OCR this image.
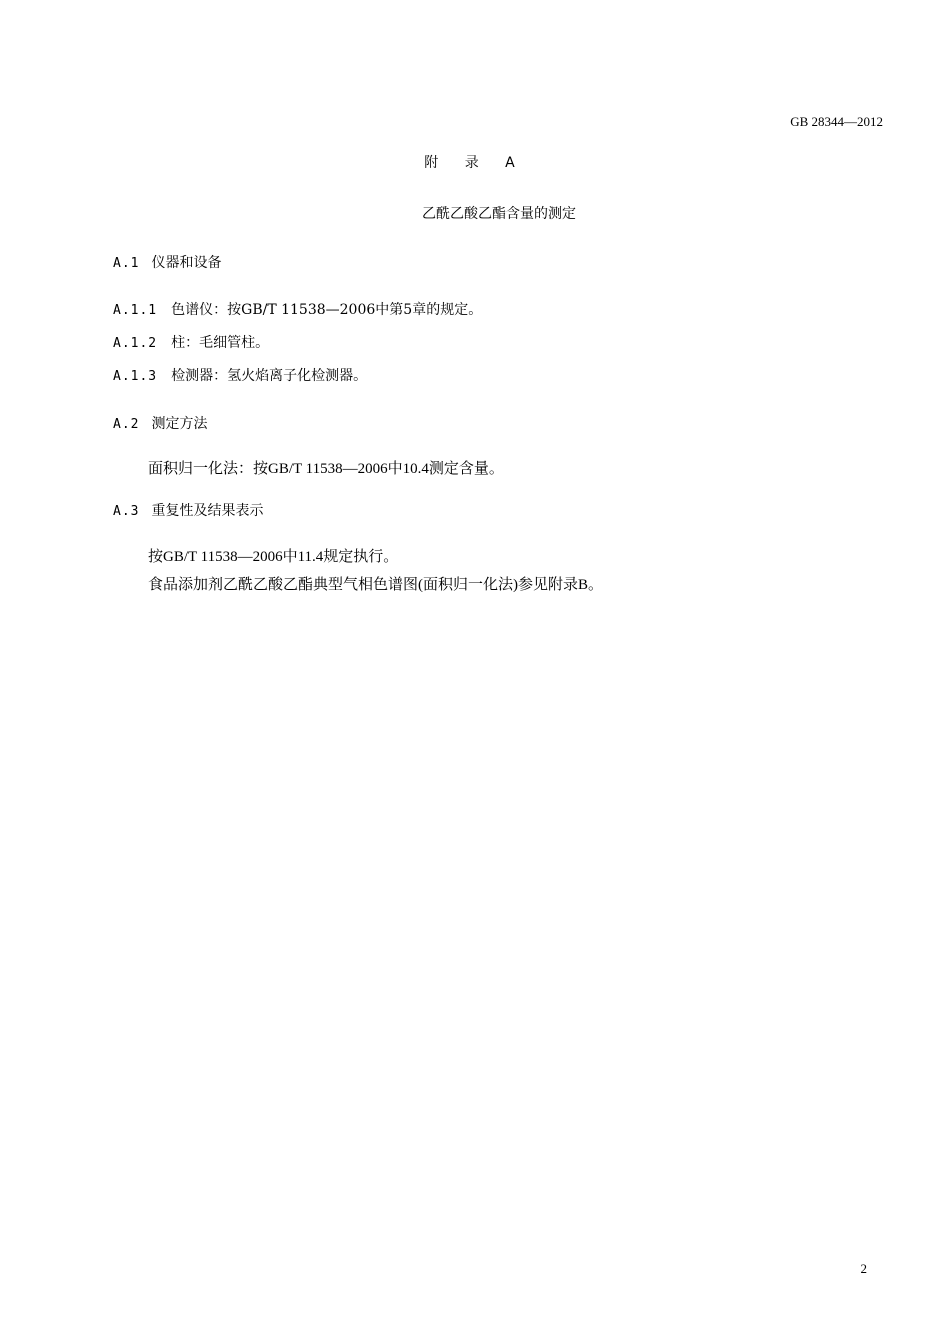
GB 28344—2012
附 录 A
乙酰乙酸乙酯含量的测定
A.1 仪器和设备
A.1.1 色谱仪：按GB/T 11538—2006中第5章的规定。
A.1.2 柱：毛细管柱。
A.1.3 检测器：氢火焰离子化检测器。
A.2 测定方法
面积归一化法：按GB/T 11538—2006中10.4测定含量。
A.3 重复性及结果表示
按GB/T 11538—2006中11.4规定执行。
食品添加剂乙酰乙酸乙酯典型气相色谱图(面积归一化法)参见附录B。
2
